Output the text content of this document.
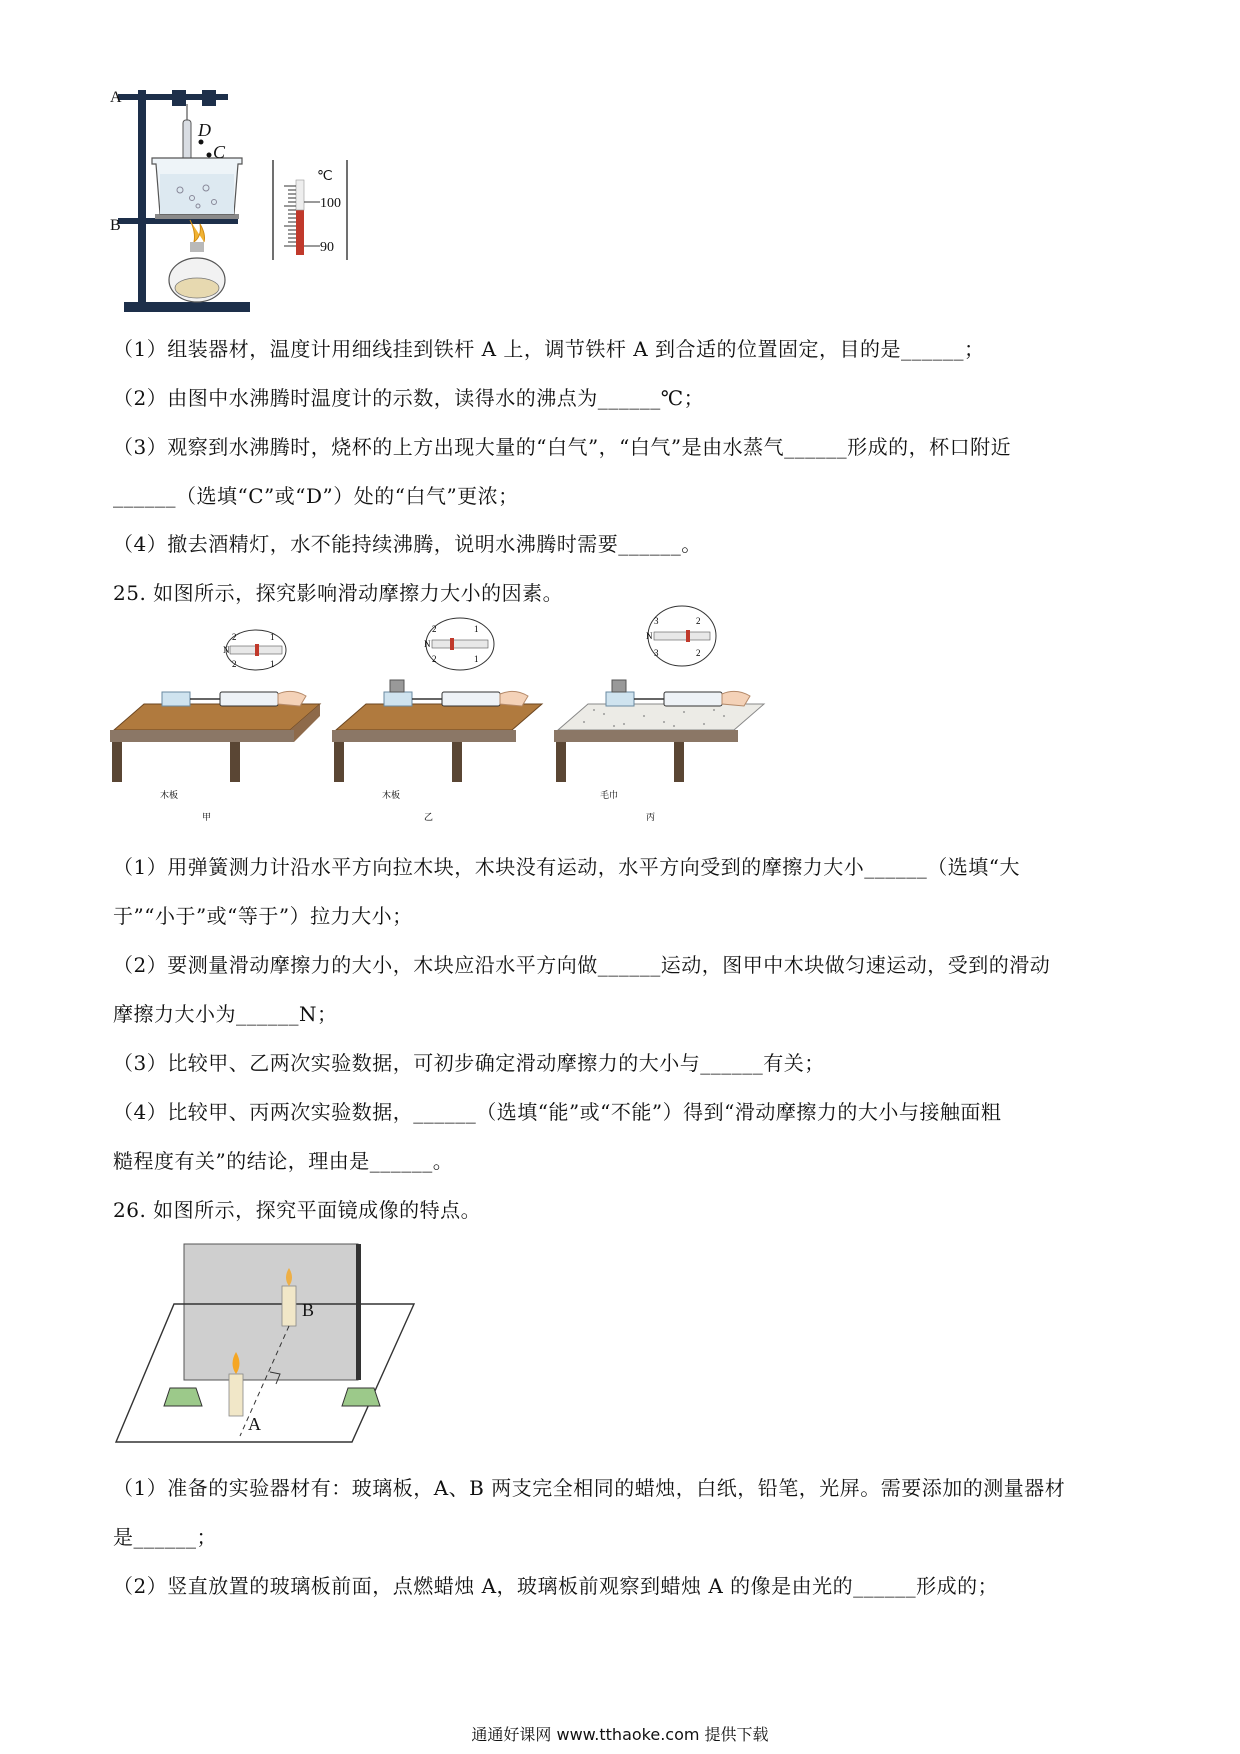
A
B
D
C
℃
100
90
（1）组装器材，温度计用细线挂到铁杆 A 上，调节铁杆 A 到合适的位置固定，目的是______；
（2）由图中水沸腾时温度计的示数，读得水的沸点为______℃；
（3）观察到水沸腾时，烧杯的上方出现大量的“白气”，“白气”是由水蒸气______形成的，杯口附近
______（选填“C”或“D”）处的“白气”更浓；
（4）撤去酒精灯，水不能持续沸腾，说明水沸腾时需要______。
25. 如图所示，探究影响滑动摩擦力大小的因素。
2	1
2	1
N
木板
甲
2	1
2	1
N
木板
乙
3	2
3	2
N
毛巾
丙
（1）用弹簧测力计沿水平方向拉木块，木块没有运动，水平方向受到的摩擦力大小______（选填“大
于”“小于”或“等于”）拉力大小；
（2）要测量滑动摩擦力的大小，木块应沿水平方向做______运动，图甲中木块做匀速运动，受到的滑动
摩擦力大小为______N；
（3）比较甲、乙两次实验数据，可初步确定滑动摩擦力的大小与______有关；
（4）比较甲、丙两次实验数据，______（选填“能”或“不能”）得到“滑动摩擦力的大小与接触面粗
糙程度有关”的结论，理由是______。
26. 如图所示，探究平面镜成像的特点。
B
A
（1）准备的实验器材有：玻璃板，A、B 两支完全相同的蜡烛，白纸，铅笔，光屏。需要添加的测量器材
是______；
（2）竖直放置的玻璃板前面，点燃蜡烛 A，玻璃板前观察到蜡烛 A 的像是由光的______形成的；
通通好课网 www.tthaoke.com 提供下载
